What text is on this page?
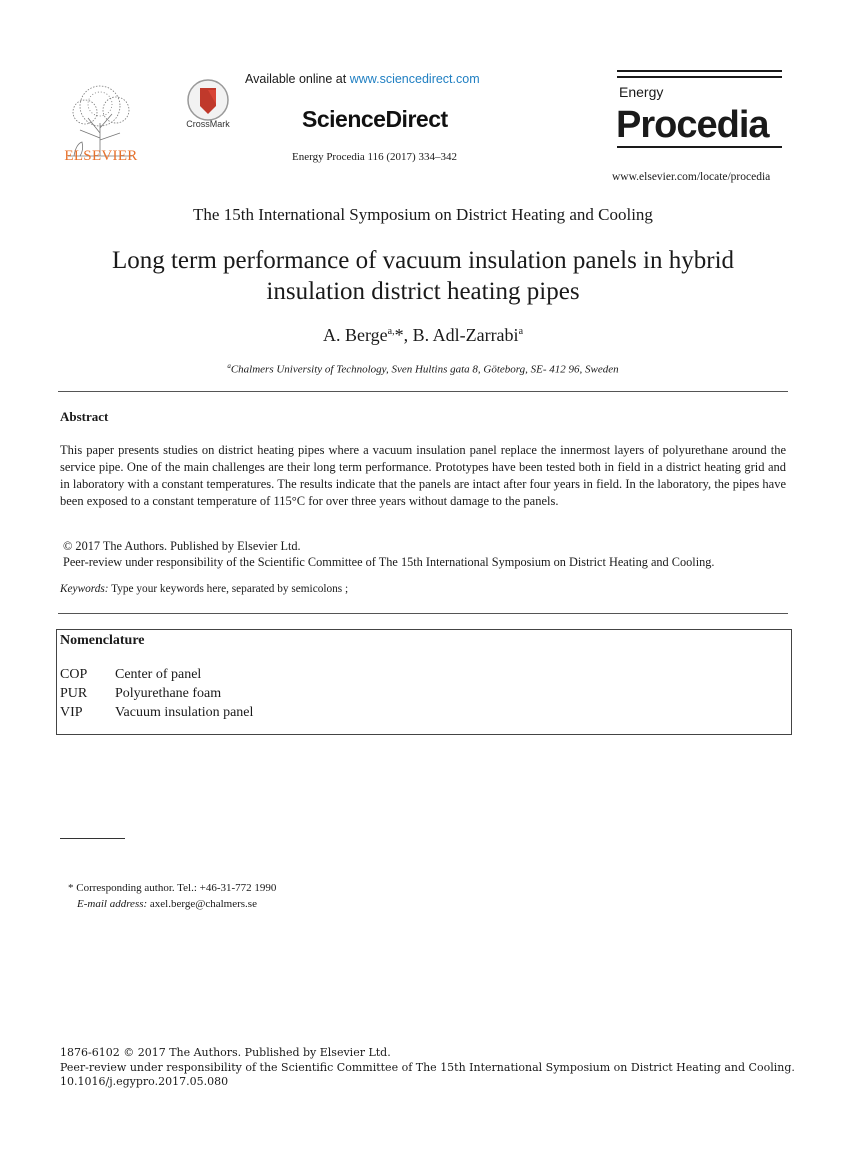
ELSEVIER
CrossMark
Available online at www.sciencedirect.com
ScienceDirect
Energy Procedia 116 (2017) 334–342
Energy
Procedia
www.elsevier.com/locate/procedia
The 15th International Symposium on District Heating and Cooling
Long term performance of vacuum insulation panels in hybrid
insulation district heating pipes
A. Berge$^{a,}$*, B. Adl-Zarrabi$^a$
$^a$Chalmers University of Technology, Sven Hultins gata 8, Göteborg, SE- 412 96, Sweden
Abstract
This paper presents studies on district heating pipes where a vacuum insulation panel replace the innermost layers of polyurethane around the service pipe. One of the main challenges are their long term performance. Prototypes have been tested both in field in a district heating grid and in laboratory with a constant temperatures. The results indicate that the panels are intact after four years in field. In the laboratory, the pipes have been exposed to a constant temperature of 115°C for over three years without damage to the panels.
© 2017 The Authors. Published by Elsevier Ltd.
Peer-review under responsibility of the Scientific Committee of The 15th International Symposium on District Heating and Cooling.
Keywords: Type your keywords here, separated by semicolons ;
Nomenclature
COP Center of panel
PUR Polyurethane foam
VIP Vacuum insulation panel
* Corresponding author. Tel.: +46-31-772 1990
E-mail address: axel.berge@chalmers.se
1876-6102 © 2017 The Authors. Published by Elsevier Ltd.
Peer-review under responsibility of the Scientific Committee of The 15th International Symposium on District Heating and Cooling.
10.1016/j.egypro.2017.05.080
